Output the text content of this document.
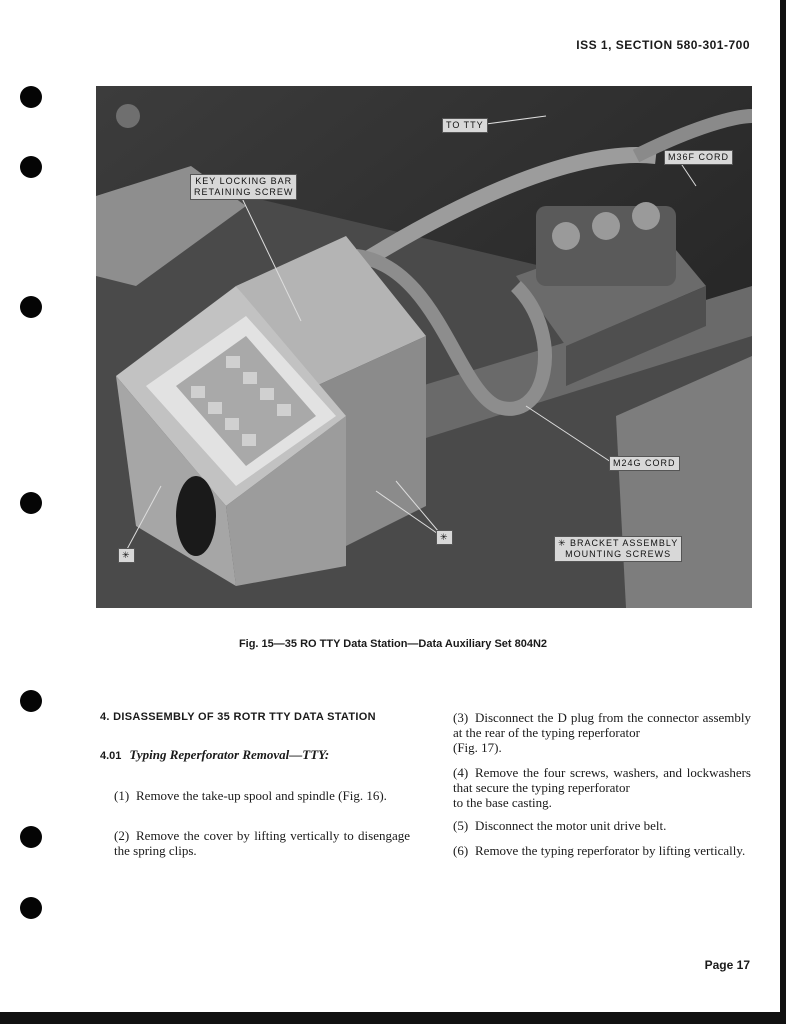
ISS 1, SECTION 580-301-700
TO TTY
M36F CORD
KEY LOCKING BAR
RETAINING SCREW
M24G CORD
✳
✳ BRACKET ASSEMBLY
MOUNTING SCREWS
✳
Fig. 15—35 RO TTY Data Station—Data Auxiliary Set 804N2
4. DISASSEMBLY OF 35 ROTR TTY DATA STATION
4.01 Typing Reperforator Removal—TTY:
(1) Remove the take-up spool and spindle (Fig. 16).
(2) Remove the cover by lifting vertically to disengage the spring clips.
(3) Disconnect the D plug from the connector assembly at the rear of the typing reperforator
(Fig. 17).
(4) Remove the four screws, washers, and lockwashers that secure the typing reperforator
to the base casting.
(5) Disconnect the motor unit drive belt.
(6) Remove the typing reperforator by lifting vertically.
Page 17
